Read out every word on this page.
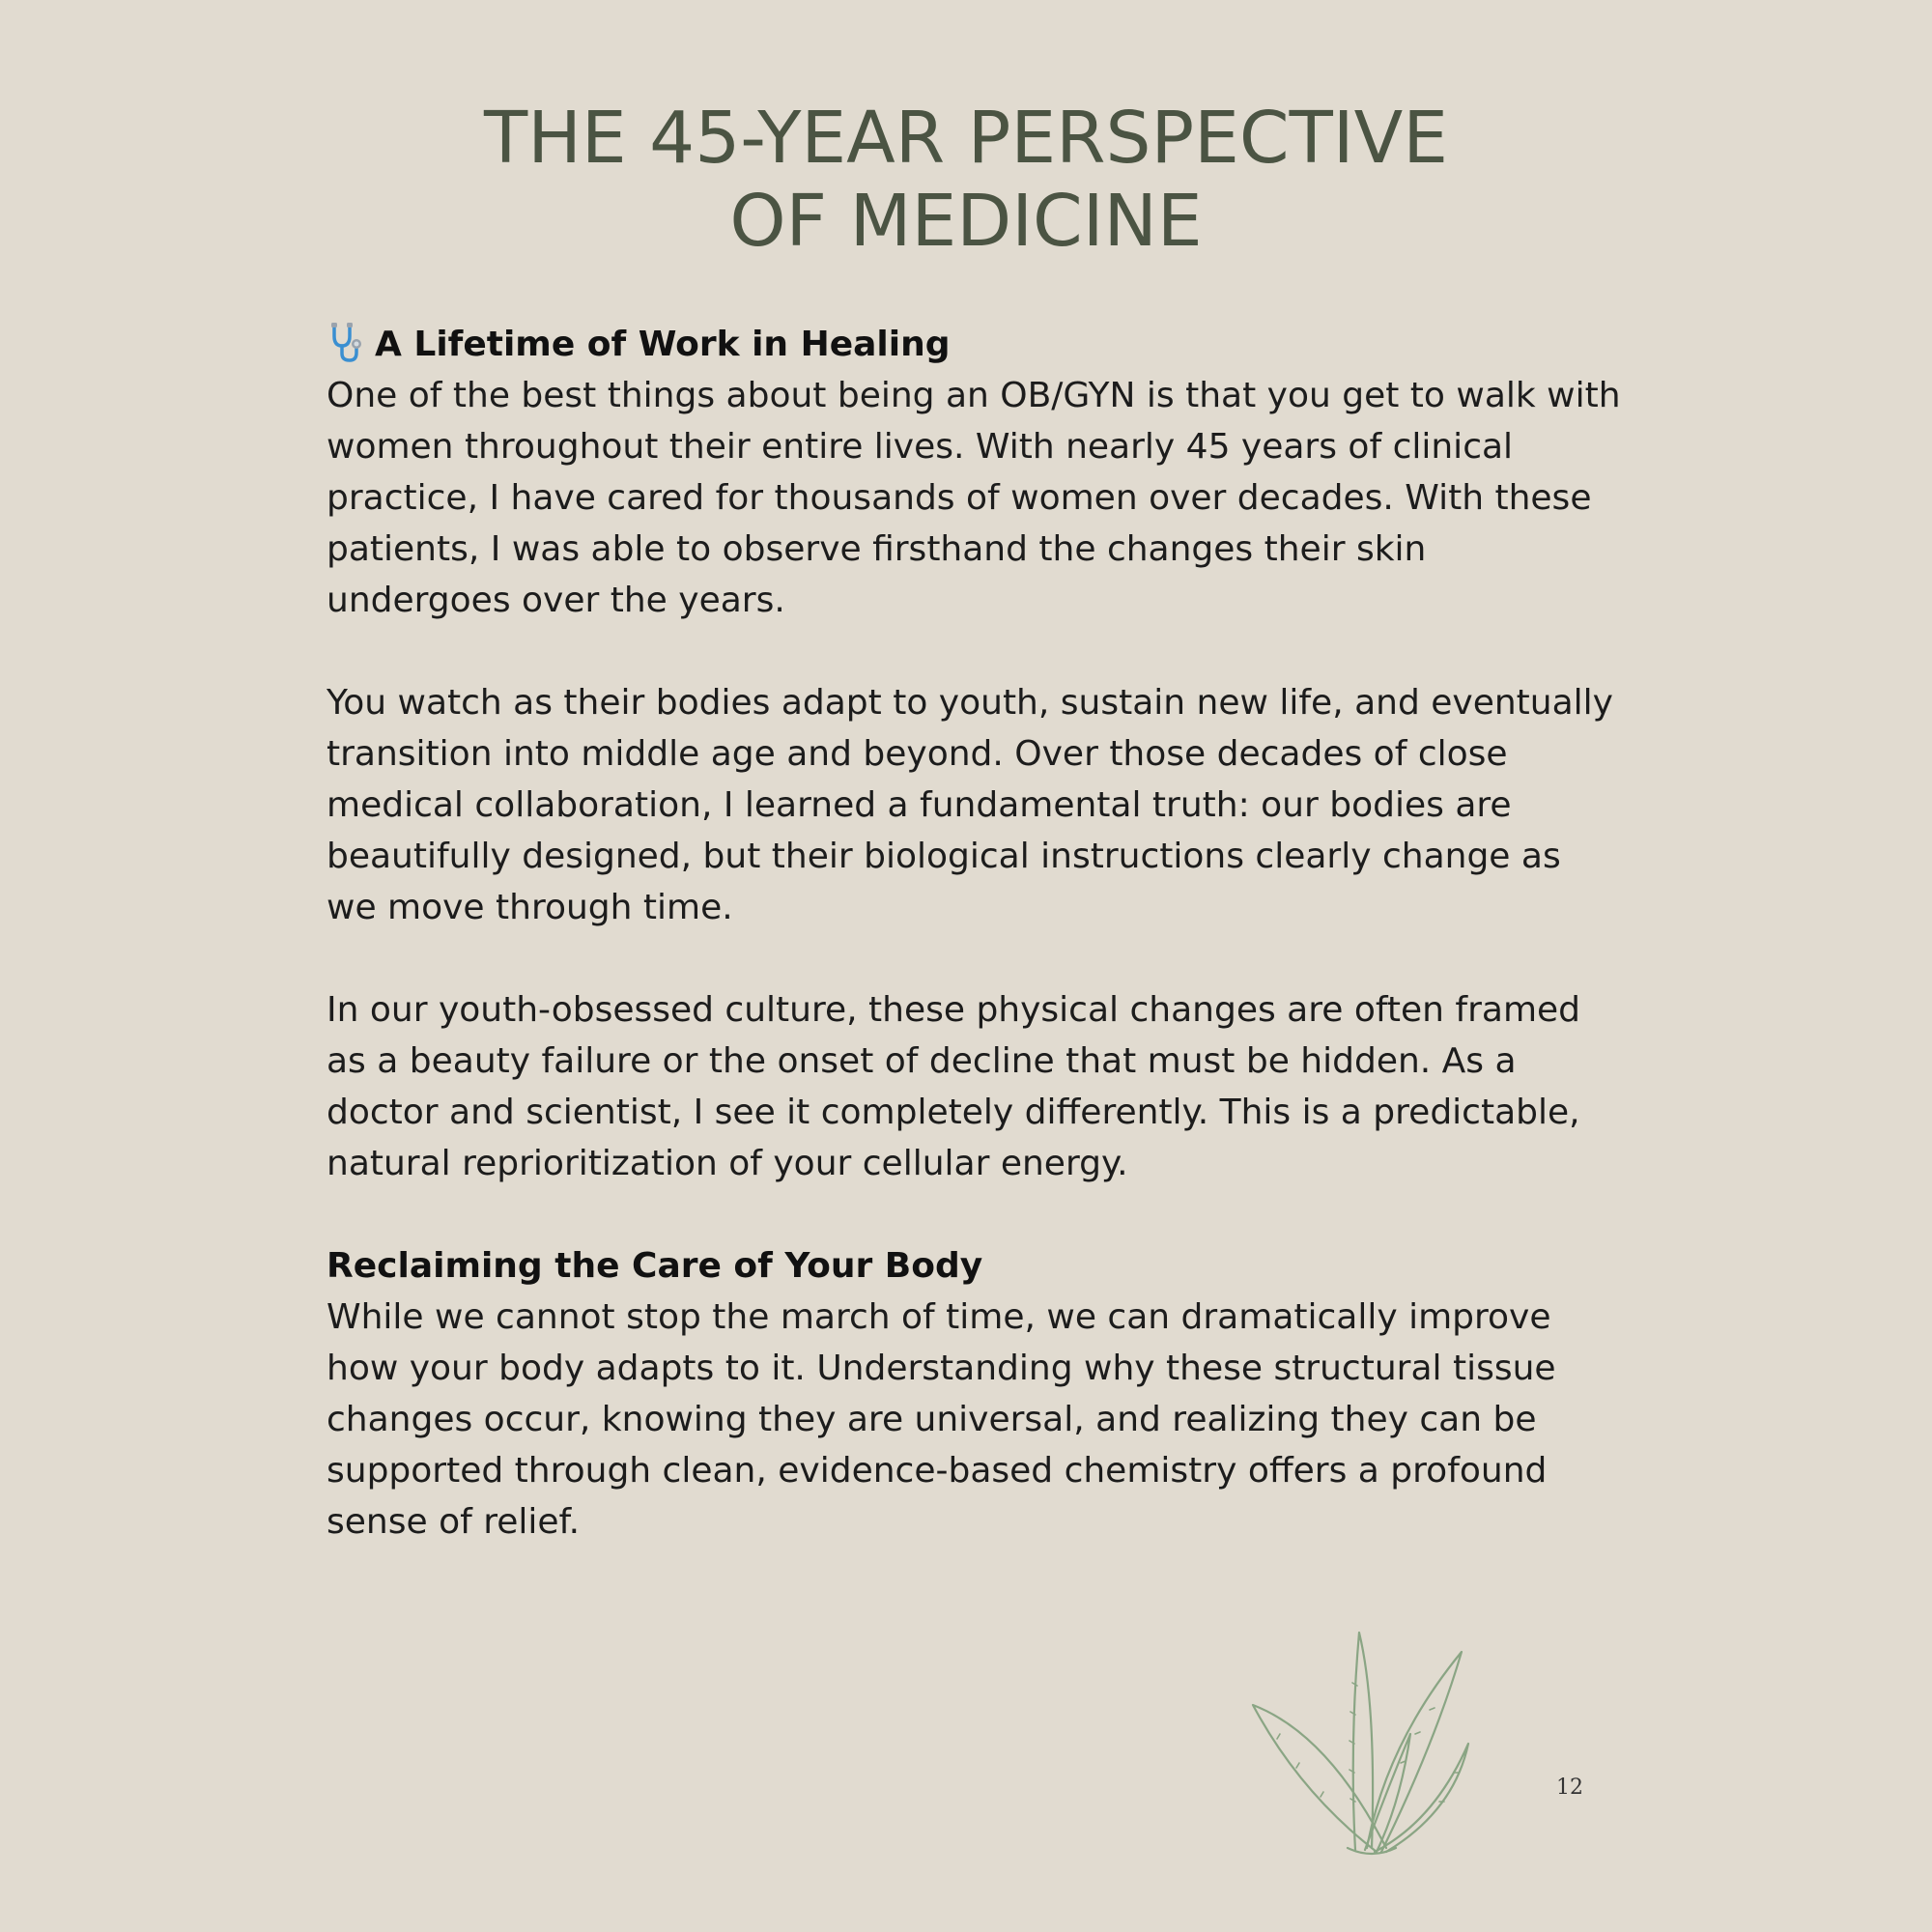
THE 45-YEAR PERSPECTIVE
OF MEDICINE
A Lifetime of Work in Healing

One of the best things about being an OB/GYN is that you get to walk with women throughout their entire lives. With nearly 45 years of clinical practice, I have cared for thousands of women over decades. With these patients, I was able to observe firsthand the changes their skin undergoes over the years.

You watch as their bodies adapt to youth, sustain new life, and eventually transition into middle age and beyond. Over those decades of close medical collaboration, I learned a fundamental truth: our bodies are beautifully designed, but their biological instructions clearly change as we move through time.

In our youth-obsessed culture, these physical changes are often framed as a beauty failure or the onset of decline that must be hidden. As a doctor and scientist, I see it completely differently. This is a predictable, natural reprioritization of your cellular energy.

Reclaiming the Care of Your Body

While we cannot stop the march of time, we can dramatically improve how your body adapts to it. Understanding why these structural tissue changes occur, knowing they are universal, and realizing they can be supported through clean, evidence-based chemistry offers a profound sense of relief.

12
